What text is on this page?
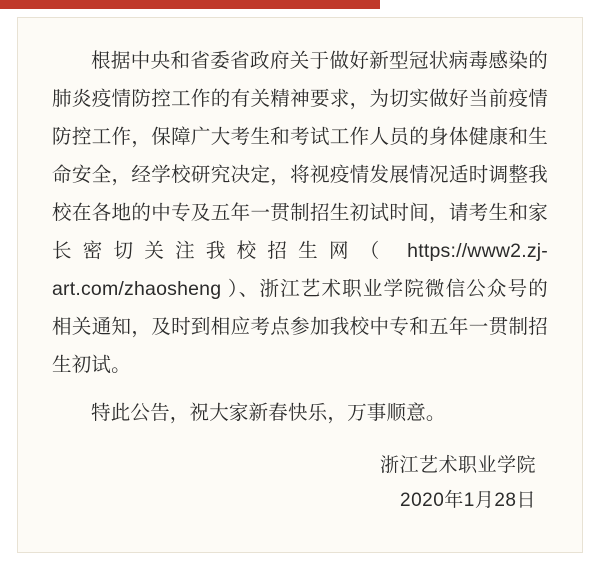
根据中央和省委省政府关于做好新型冠状病毒感染的肺炎疫情防控工作的有关精神要求，为切实做好当前疫情防控工作，保障广大考生和考试工作人员的身体健康和生命安全，经学校研究决定，将视疫情发展情况适时调整我校在各地的中专及五年一贯制招生初试时间，请考生和家长密切关注我校招生网（ https://www2.zj-art.com/zhaosheng ）、浙江艺术职业学院微信公众号的相关通知，及时到相应考点参加我校中专和五年一贯制招生初试。

特此公告，祝大家新春快乐，万事顺意。

浙江艺术职业学院
2020年1月28日
